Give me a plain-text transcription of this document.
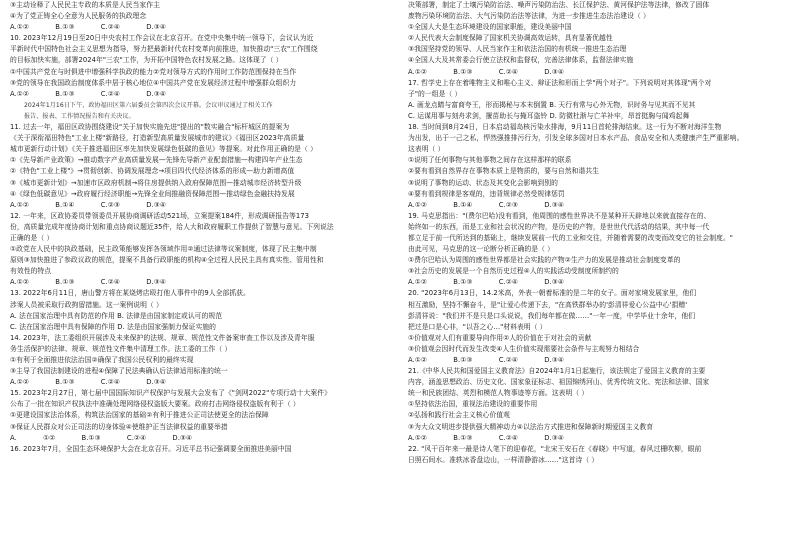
③主动诠释了人民民主专政的本质是人民当家作主
④为了党正铸全心全意为人民服务的执政理念
A.①② B.①③ C.②④ D.③④
10. 2023年12月19日至20日中央农村工作会议在北京召开。在党中央集中统一领导下，会议认为近
平新时代中国特色社会主义思想为指导，努力把最新时代农村变革向前推进，加快推动"三农"工作围绕
的目标加快实施，部署2024年"三农"工作，为开拓中国特色农村发展之路。这体现了（ ）
①中国共产党在与时俱进中增强科学执政的能力②党对领导方式的作用时工作防范围保持在当作
③党的领导在我国政治制度体系中居于核心地位④中国共产党在发展经济过程中增强群众组织力
A.①② B.①③ C.②④ D.③④
2024年1月16日下午，政协福田区第六届委员会第四次会议开幕。会议审议通过了相关工作
报告、报表、工作情况报告和有关决议。
11. 过去一年，福田区政协围绕建设"关于加快实施先进"提出的"数实融合"标杆城区的提案为
《关于深衔福田特色"工业上楼"新路径，打造新型高质量发展城市的建议》《福田区2023年高质量
城市更新行动计划》《关于推进福田区率先加快发展绿色低碳的意见》等提案。对此作用正确的是（ ）
①《先导新产业政策》→推动数字产业高质量发展—先锋先导新产业配套措施—构建四年产业生态
②《特色"工业上楼"》→贯彻创新、协调发展理念→项目四代代经济体系的形成—助力新增高值
③《城市更新计划》→加速市区政府机制→将住房提供纳入政府保障范围—推动城市经济转型升级
④《绿色低碳意见》→政府履行经济职能→先锋全业间推融资保障范围—推动绿色金融扶持发展
A.①② B.①④ C.②③ D.③④
12. 一年来，区政协委员带领委员开展协商调研活动521场，立案提案184件，形成调研报告等173
份，高质量完成年度协商计划和重点协商议题近35件，给人大和政府履职工作提供了智慧与意见。下列说法
正确的是（ ）
①政党在人民中的执政基础，民主政策能够发挥各领域作用②通过法律等议案制度，体现了民主集中制
原则③加快推进了参政议政的规范，提案不具备行政职能的机构④全过程人民民主具有真实性、管用性和
有效性的特点
A.①② B.①③ C.②④ D.③④
13. 2022年6月11日，唐山警方将在某烧烤店殴打他人事件中的9人全部抓获。
涉案人员被采取行政拘留措施。这一案例说明（ ）
A. 法在国家治理中具有防范的作用 B. 法律是由国家制定或认可的规范
C. 法在国家治理中具有保障的作用 D. 法是由国家强制力保证实施的
14. 2023年，法工委组织开展涉及未来保护的法规、规章、规范性文件备案审查工作以及涉及青年服
务生活保护的法律、规章、规范性文件集中清理工作。法工委的工作（ ）
①有利于全面推进依法治国②确保了我国公民权利的最终实现
③主导了我国法制建设的进程④保障了民法典确认后法律适用标准的统一
A.①② B.①③ C.②④ D.③④
15. 2023年2月27日，第七届中国国际知识产权保护与发展大会发布了《"剑网2022"专项行动十大案件》
公布了一批在知识产权执法中准确处理网络侵权盗版大要案。政府打击网络侵权盗版有利于（ ）
①更建设国家法治体系，构筑法治国家的基础②有利于推进公正司法使更全的法治保障
③保证人民群众对公正司法的切身体验④使维护正当法律权益的重要举措
A. ①② B.①③ C.②④ D.③④
16. 2023年7月，全国生态环境保护大会在北京召开。习近平总书记强调要全面推进美丽中国
决策部署，制定了土壤污染防治法、噪声污染防治法、长江保护法、黄河保护法等法律，修改了固体
废物污染环境防治法、大气污染防治法等法律，为进一步推进生态法治建设（ ）
①全国人大是生态环境建设的国家职能，建设美丽中国
②人民代表大会制度保障了国家机关协调高效运转，具有显著优越性
③我国坚持党的领导、人民当家作主和依法治国的有机统一推进生态治理
④全国人大及其常委会行使立法权和监督权，完善法律体系，监督法律实施
A.①② B.①③ C.②④ D.③④
17. 哲学史上存在着唯物主义和唯心主义、辩证法和形而上学"两个对子"。下列说明对其体现"两个对
子"的一组是（ ）
A. 画龙点睛与富商夸王，形而揭秘与本末倒置 B. 天行有常与心外无物，识时务与见其而不见其
C. 运谋用事与刻舟求剑，揠苗助长与掩耳盗铃 D. 防微杜渐与亡羊补牢，昂首挺胸与闻鸡起舞
18. 当时间到8月24日，日本启动福岛核污染水排海，9月11日首轮排海结束。这一行为不断对海洋生物
为出发，出于一己之私，悍然强推排污行为，引发全球多国对日本水产品、食品安全和人类健康产生严重影响。
这表明（ ）
①说明了任何事物与其他事物之间存在这样那样的联系
②要有看到自然界存在事物本质上是物质的，要与自然和谐共生
③说明了事物的运动、状态及其变化会影响到别的
④要有看到规律是客观的，违背规律必然受规律惩罚
A.①② B.①④ C.②③ D.③④
19. 马克思指出："(费尔巴哈)没有看到，他周围的感性世界决不是某种开天辟地以来就直接存在的、
始终如一的东西，而是工业和社会状况的产物，是历史的产物，是世世代代活动的结果，其中每一代
都立足于前一代所达到的基础上，继续发展前一代的工业和交往，并随着需要的改变而改变它的社会制度。"
由此可见，马克思的这一论断分析正确的是（ ）
①费尔巴哈认为周围的感性世界都是社会实践的产物②生产力的发展是推动社会制度变革的
③社会历史的发展是一个自然历史过程④人的实践活动受制度所制约的
A.①② B.①③ C.②④ D.③④
20. "2023年6月13日，14.2米高，外表一朝着标准的是二年的女子。面对家境发展家里，他们
相互激励，坚持不懈奋斗，是"让爱心传递下去，"在高铁群举办的'彭清祥爱心公益中心'捐赠'
彭清祥说："我们并不是只是口头说说，我们每年都在做……"一年一度，中学毕业十余年，他们
把过是口是心非，"以吾之心…"材料表明（ ）
①价值观对人们有重要导向作用②人的价值在于对社会的贡献
③价值观会因时代而发生改变④人生价值实现需要社会条件与主观努力相结合
A.①② B.①③ C.②④ D.③④
21.《中华人民共和国爱国主义教育法》自2024年1月1日起施行，该法规定了爱国主义教育的主要
内容，涵盖思想政治、历史文化、国家象征标志、祖国锦绣河山、优秀传统文化、宪法和法律、国家
统一和民族团结、英烈和模范人物事迹等方面。这表明（ ）
①坚持依法治国，重视法治建设的重要作用
②弘扬和践行社会主义核心价值观
③为大众文明进步提供强大精神动力④以法治方式推进和保障新时期爱国主义教育
A.①② B.①③ C.②④ D.③④
22. "风干百年来一最是诗人笔下的迎春花，"北宋王安石在《春晓》中写道，春风过栅吹柳，眼前
日照石间水。准轶冰香盘边山，一样清静游冰……"这首诗（ ）
